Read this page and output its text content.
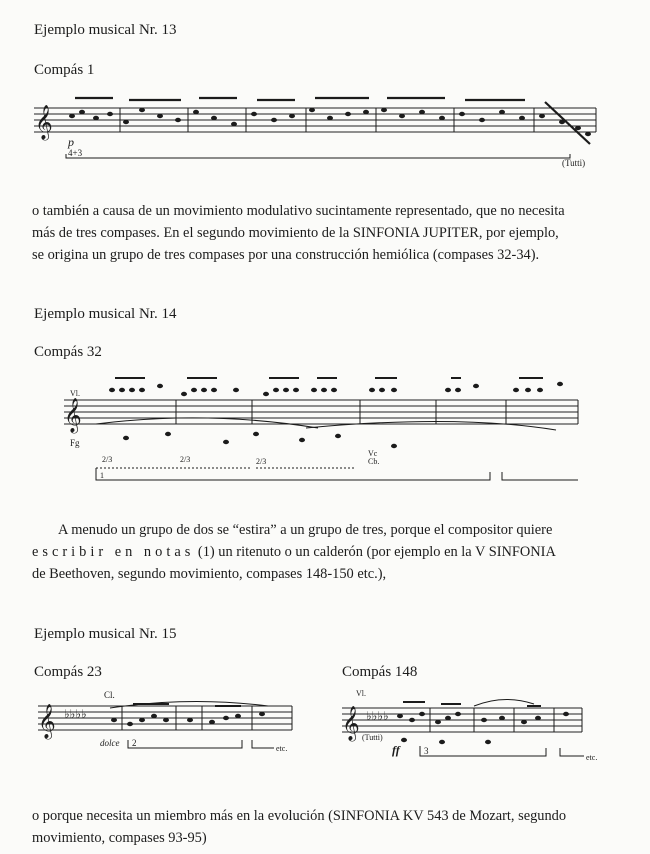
Ejemplo musical Nr. 13

Compás 1

𝄞
p
4+3
(Tutti)

o también a causa de un movimiento modulativo sucintamente representado, que no necesita
más de tres compases. En el segundo movimiento de la SINFONIA JUPITER, por ejemplo,
se origina un grupo de tres compases por una construcción hemiólica (compases 32-34).

Ejemplo musical Nr. 14

Compás 32

𝄞
Vl.
Fg
2/3	2/3	2/3
Vc
Cb.
1

A menudo un grupo de dos se “estira” a un grupo de tres, porque el compositor quiere
escribir en notas (1) un ritenuto o un calderón (por ejemplo en la V SINFONIA
de Beethoven, segundo movimiento, compases 148-150 etc.),

Ejemplo musical Nr. 15

Compás 23	Compás 148

𝄞 ♭♭♭♭
Cl.
dolce 2
etc.
𝄞 ♭♭♭♭
Vl.
(Tutti)
ff	3
etc.

o porque necesita un miembro más en la evolución (SINFONIA KV 543 de Mozart, segundo
movimiento, compases 93-95)
